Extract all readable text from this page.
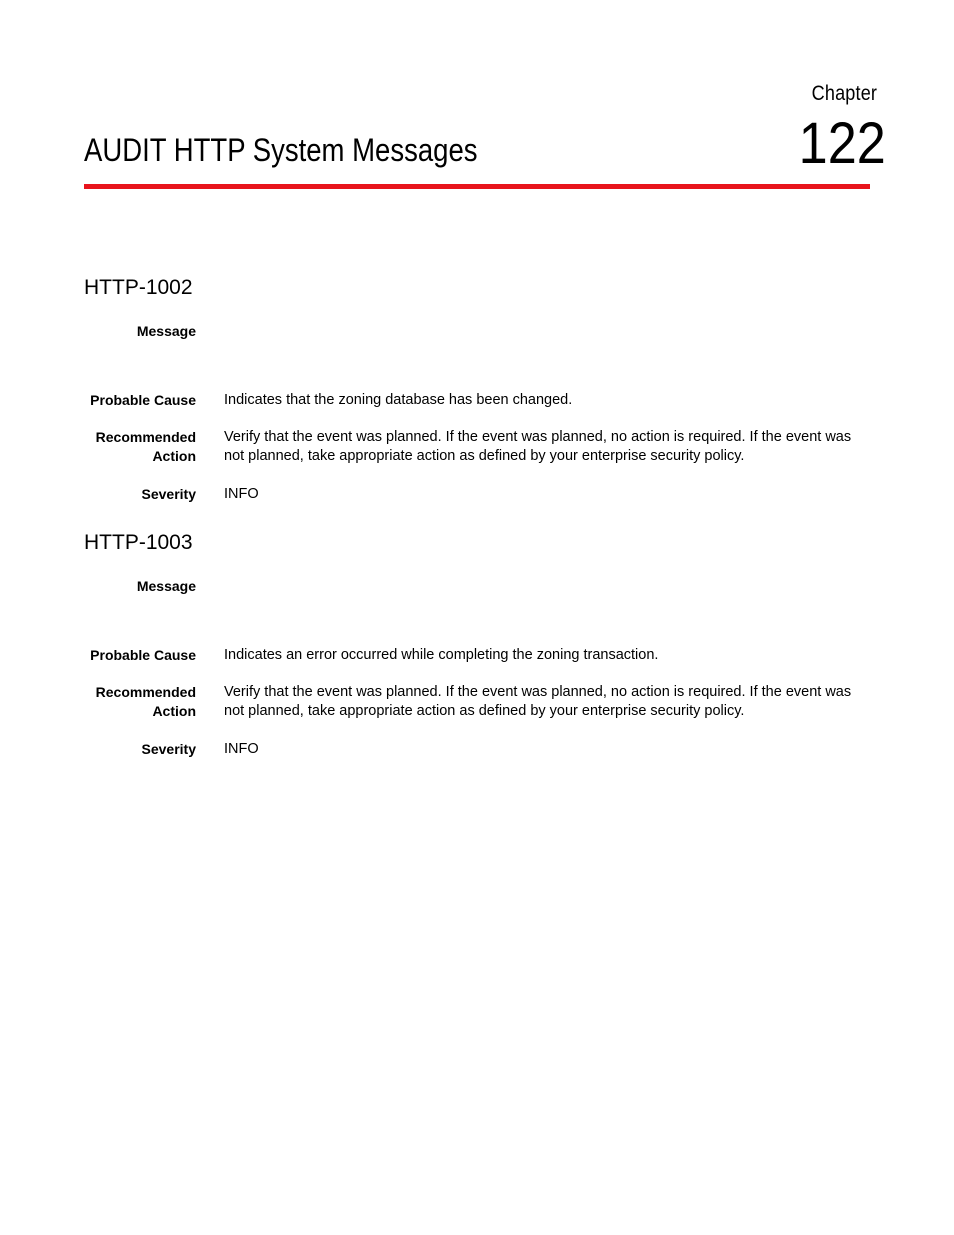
Chapter
122
AUDIT HTTP System Messages
HTTP-1002
Message
Probable Cause Indicates that the zoning database has been changed.
Recommended
Action
Verify that the event was planned. If the event was planned, no action is required. If the event was not planned, take appropriate action as defined by your enterprise security policy.
Severity INFO
HTTP-1003
Message
Probable Cause Indicates an error occurred while completing the zoning transaction.
Recommended
Action
Verify that the event was planned. If the event was planned, no action is required. If the event was not planned, take appropriate action as defined by your enterprise security policy.
Severity INFO
